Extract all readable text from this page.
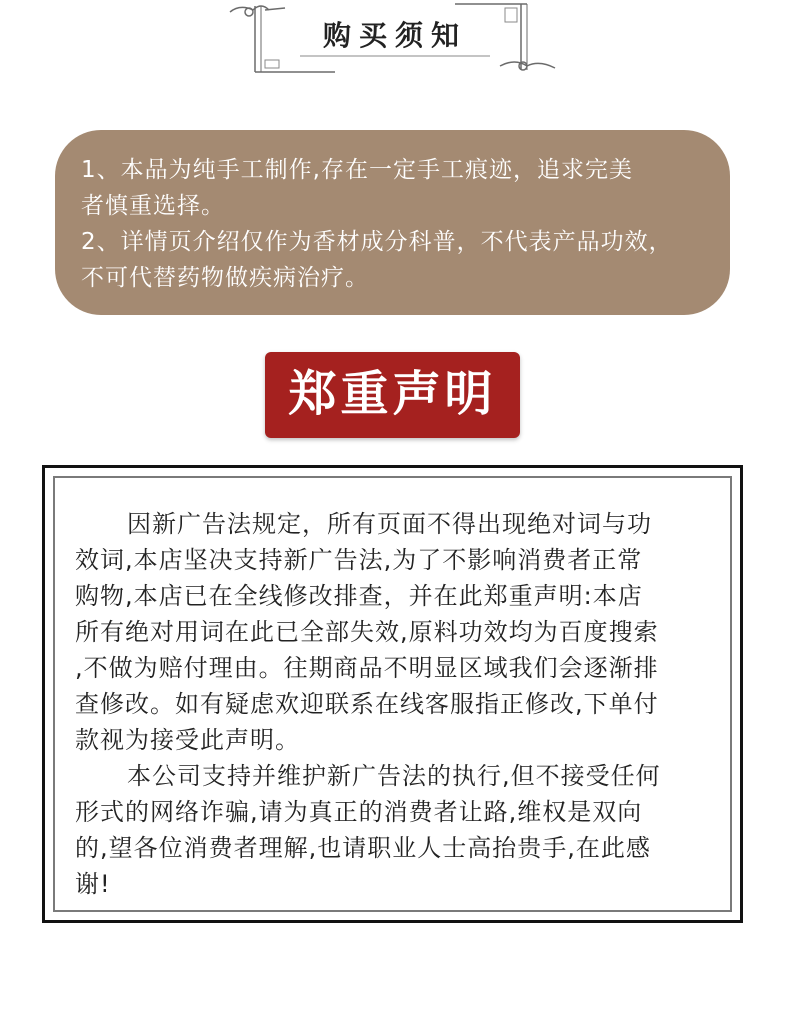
购买须知
1、本品为纯手工制作,存在一定手工痕迹，追求完美
者慎重选择。
2、详情页介绍仅作为香材成分科普，不代表产品功效，
不可代替药物做疾病治疗。
郑重声明
因新广告法规定，所有页面不得出现绝对词与功
效词,本店坚决支持新广告法,为了不影响消费者正常
购物,本店已在全线修改排查，并在此郑重声明:本店
所有绝对用词在此已全部失效,原料功效均为百度搜索
,不做为赔付理由。往期商品不明显区域我们会逐渐排
查修改。如有疑虑欢迎联系在线客服指正修改,下单付
款视为接受此声明。
本公司支持并维护新广告法的执行,但不接受任何
形式的网络诈骗,请为真正的消费者让路,维权是双向
的,望各位消费者理解,也请职业人士高抬贵手,在此感
谢!
